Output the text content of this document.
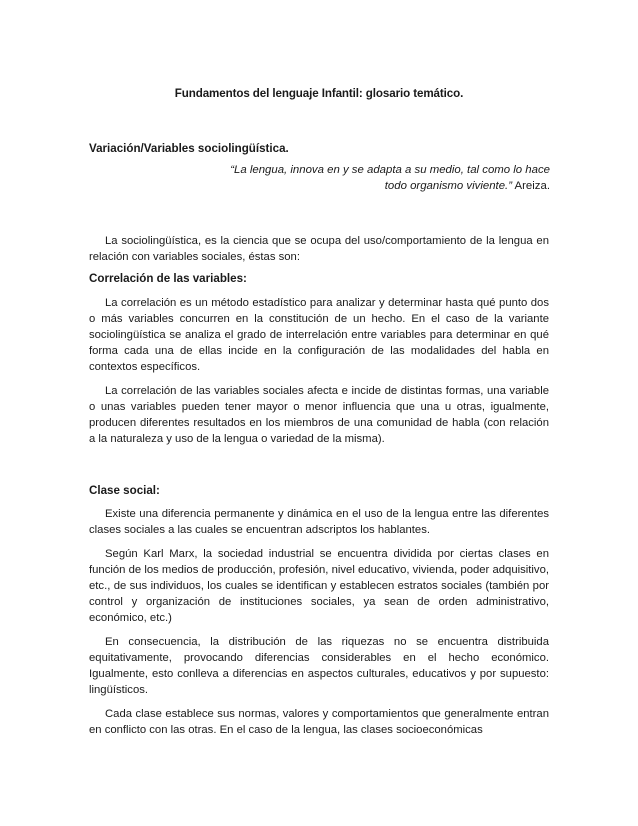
Fundamentos del lenguaje Infantil: glosario temático.
Variación/Variables sociolingüística.
“La lengua, innova en y se adapta a su medio, tal como lo hace
todo organismo viviente.” Areiza.

La sociolingüística, es la ciencia que se ocupa del uso/comportamiento de la lengua en relación con variables sociales, éstas son:

Correlación de las variables:

La correlación es un método estadístico para analizar y determinar hasta qué punto dos o más variables concurren en la constitución de un hecho. En el caso de la variante sociolingüística se analiza el grado de interrelación entre variables para determinar en qué forma cada una de ellas incide en la configuración de las modalidades del habla en contextos específicos.

La correlación de las variables sociales afecta e incide de distintas formas, una variable o unas variables pueden tener mayor o menor influencia que una u otras, igualmente, producen diferentes resultados en los miembros de una comunidad de habla (con relación a la naturaleza y uso de la lengua o variedad de la misma).

Clase social:

Existe una diferencia permanente y dinámica en el uso de la lengua entre las diferentes clases sociales a las cuales se encuentran adscriptos los hablantes.

Según Karl Marx, la sociedad industrial se encuentra dividida por ciertas clases en función de los medios de producción, profesión, nivel educativo, vivienda, poder adquisitivo, etc., de sus individuos, los cuales se identifican y establecen estratos sociales (también por control y organización de instituciones sociales, ya sean de orden administrativo, económico, etc.)

En consecuencia, la distribución de las riquezas no se encuentra distribuida equitativamente, provocando diferencias considerables en el hecho económico. Igualmente, esto conlleva a diferencias en aspectos culturales, educativos y por supuesto: lingüísticos.

Cada clase establece sus normas, valores y comportamientos que generalmente entran en conflicto con las otras. En el caso de la lengua, las clases socioeconómicas
